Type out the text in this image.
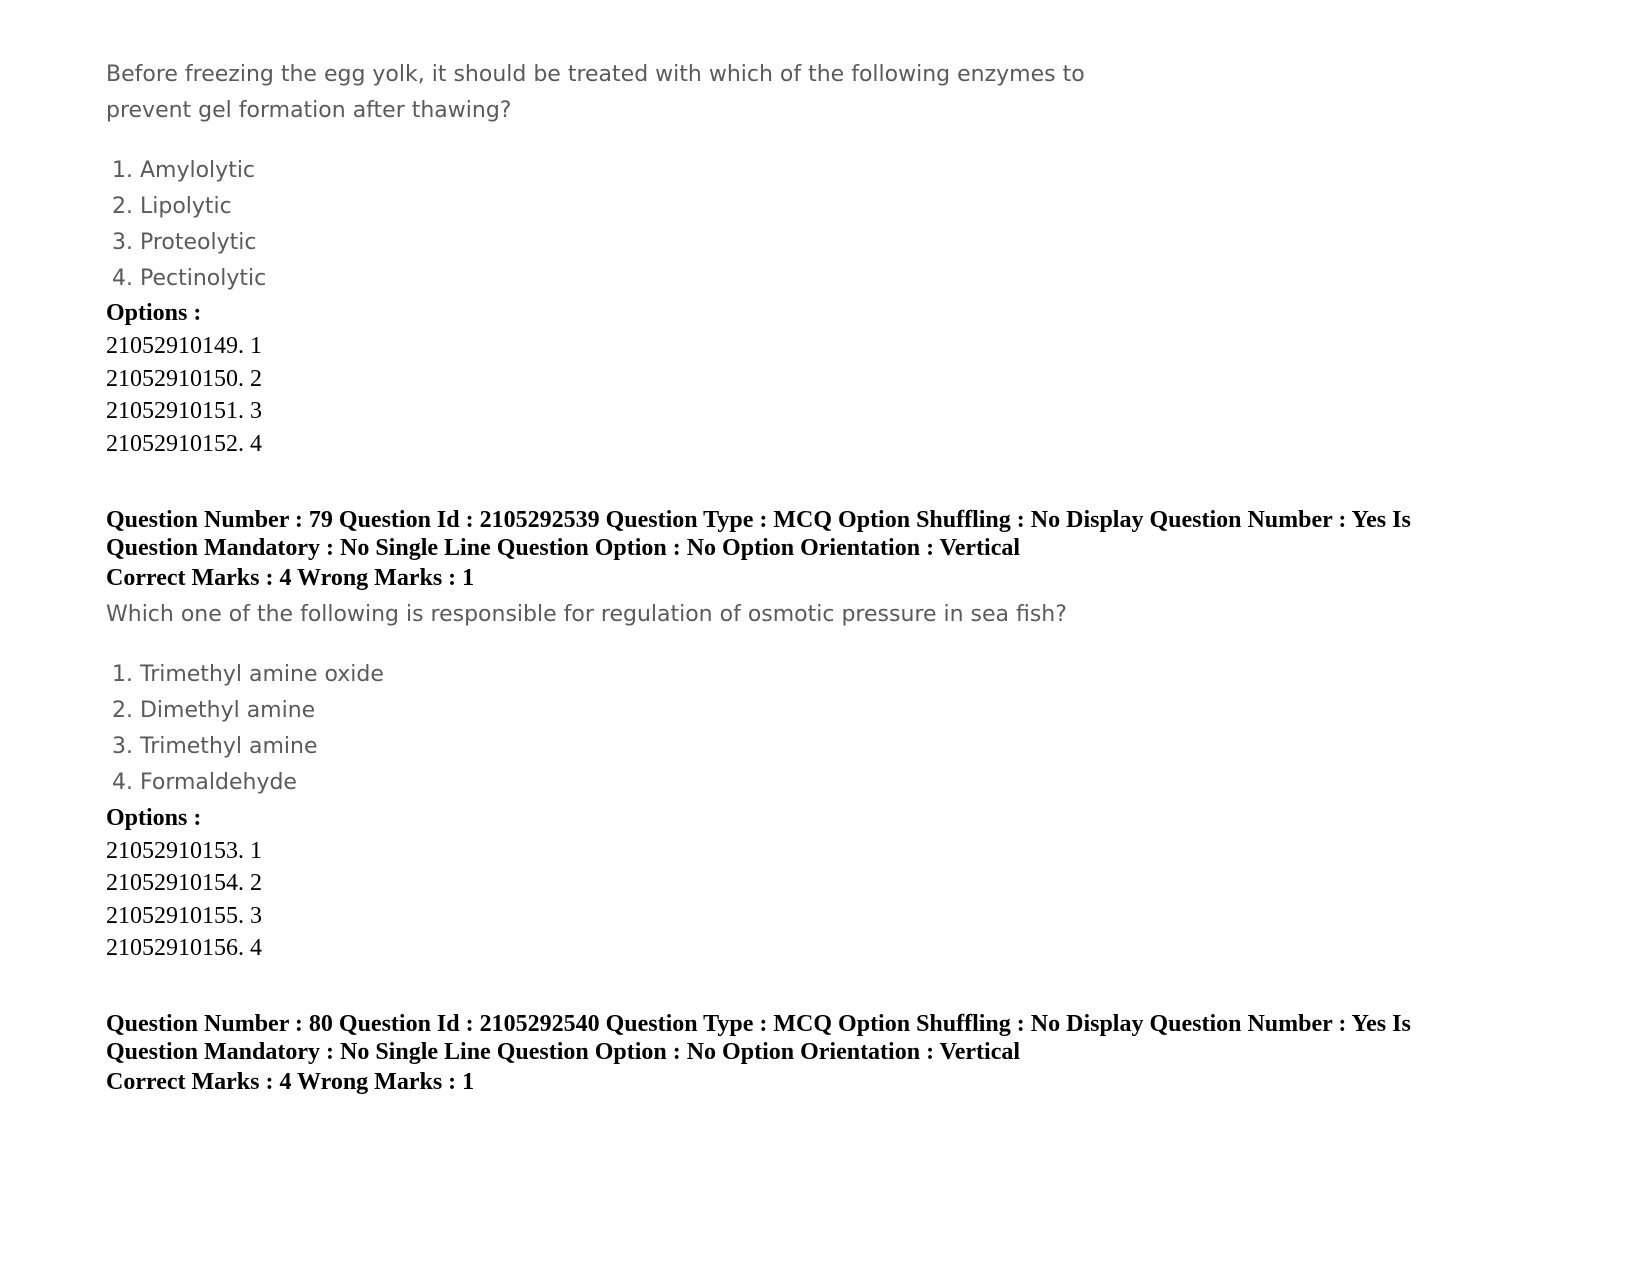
Before freezing the egg yolk, it should be treated with which of the following enzymes to
prevent gel formation after thawing?
1. Amylolytic
2. Lipolytic
3. Proteolytic
4. Pectinolytic
Options :
21052910149. 1
21052910150. 2
21052910151. 3
21052910152. 4
Question Number : 79 Question Id : 2105292539 Question Type : MCQ Option Shuffling : No Display Question Number : Yes Is
Question Mandatory : No Single Line Question Option : No Option Orientation : Vertical
Correct Marks : 4 Wrong Marks : 1
Which one of the following is responsible for regulation of osmotic pressure in sea fish?
1. Trimethyl amine oxide
2. Dimethyl amine
3. Trimethyl amine
4. Formaldehyde
Options :
21052910153. 1
21052910154. 2
21052910155. 3
21052910156. 4
Question Number : 80 Question Id : 2105292540 Question Type : MCQ Option Shuffling : No Display Question Number : Yes Is
Question Mandatory : No Single Line Question Option : No Option Orientation : Vertical
Correct Marks : 4 Wrong Marks : 1
